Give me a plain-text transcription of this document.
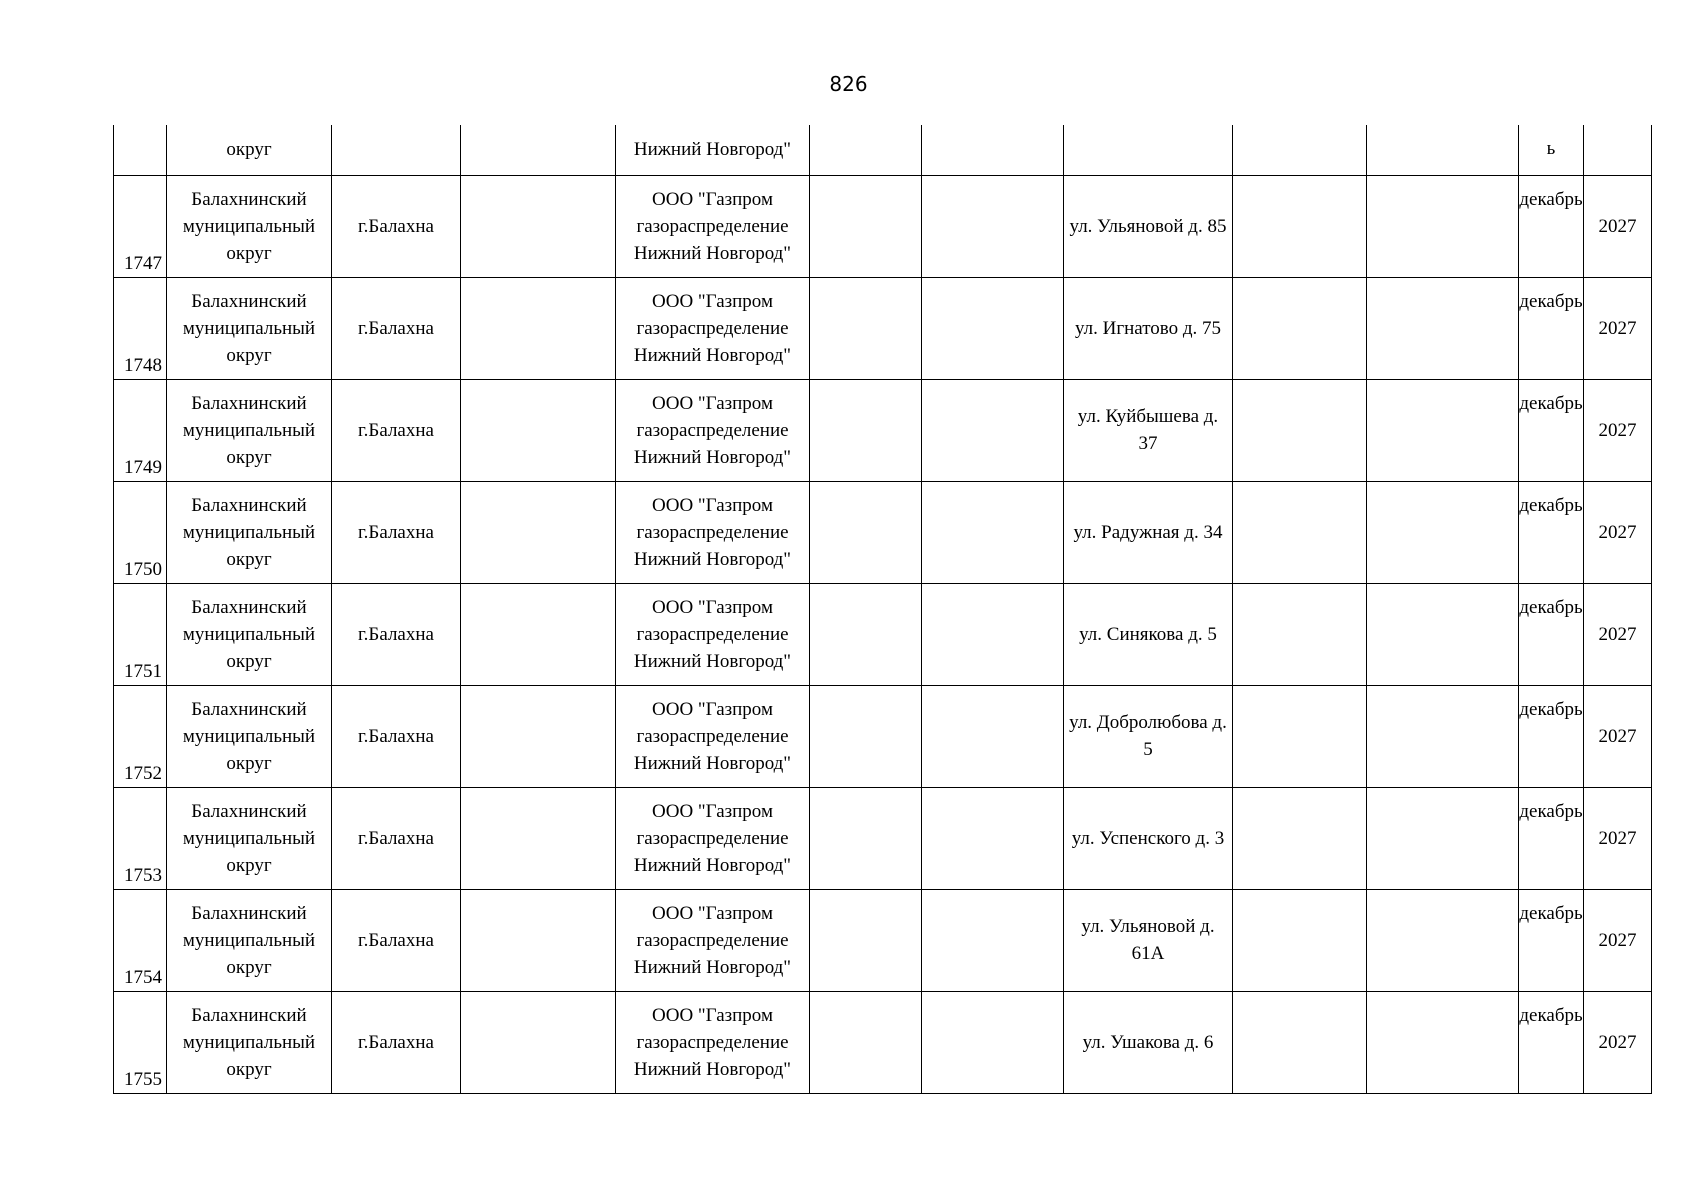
826
	округ			Нижний Новгород"						ь	
1747	Балахнинский муниципальный округ	г.Балахна		ООО "Газпром газораспределение Нижний Новгород"			ул. Ульяновой д. 85			декабрь	2027
1748	Балахнинский муниципальный округ	г.Балахна		ООО "Газпром газораспределение Нижний Новгород"			ул. Игнатово д. 75			декабрь	2027
1749	Балахнинский муниципальный округ	г.Балахна		ООО "Газпром газораспределение Нижний Новгород"			ул. Куйбышева д. 37			декабрь	2027
1750	Балахнинский муниципальный округ	г.Балахна		ООО "Газпром газораспределение Нижний Новгород"			ул. Радужная д. 34			декабрь	2027
1751	Балахнинский муниципальный округ	г.Балахна		ООО "Газпром газораспределение Нижний Новгород"			ул. Синякова д. 5			декабрь	2027
1752	Балахнинский муниципальный округ	г.Балахна		ООО "Газпром газораспределение Нижний Новгород"			ул. Добролюбова д. 5			декабрь	2027
1753	Балахнинский муниципальный округ	г.Балахна		ООО "Газпром газораспределение Нижний Новгород"			ул. Успенского д. 3			декабрь	2027
1754	Балахнинский муниципальный округ	г.Балахна		ООО "Газпром газораспределение Нижний Новгород"			ул. Ульяновой д. 61А			декабрь	2027
1755	Балахнинский муниципальный округ	г.Балахна		ООО "Газпром газораспределение Нижний Новгород"			ул. Ушакова д. 6			декабрь	2027
